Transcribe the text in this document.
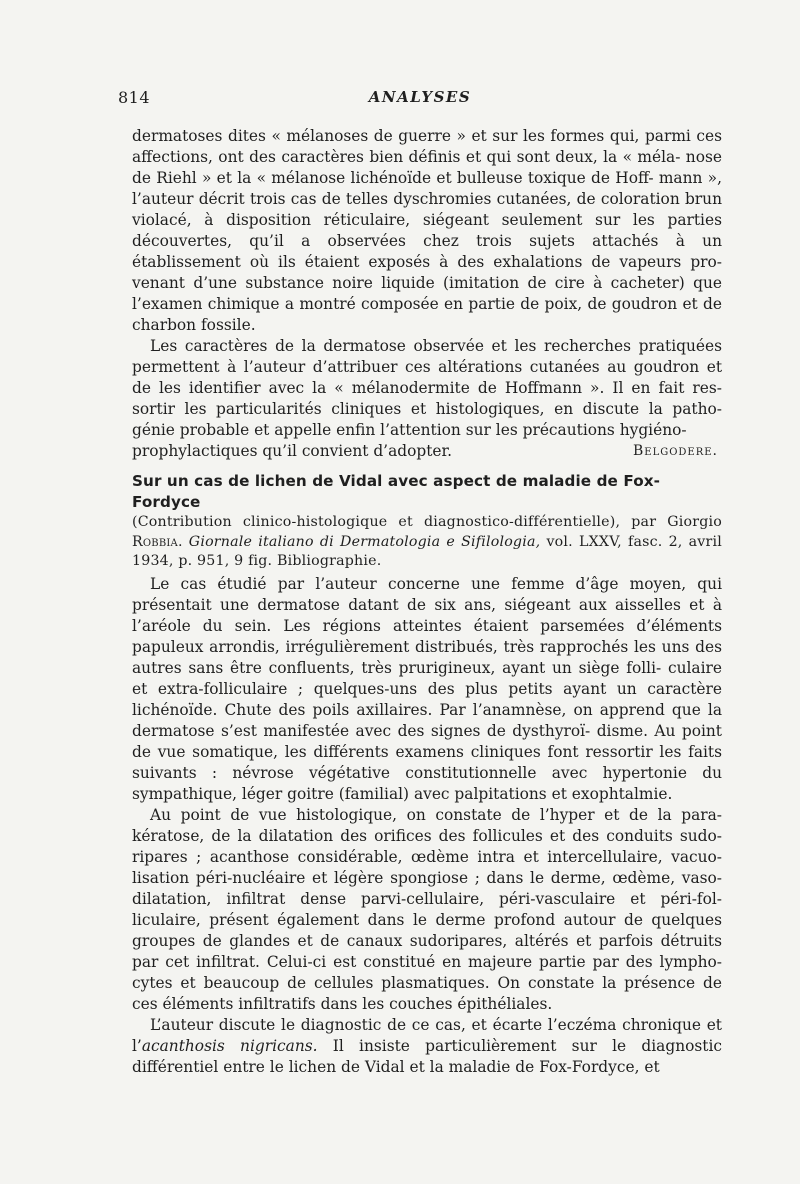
814	ANALYSES

dermatoses dites « mélanoses de guerre » et sur les formes qui, parmi ces affections, ont des caractères bien définis et qui sont deux, la « méla- nose de Riehl » et la « mélanose lichénoïde et bulleuse toxique de Hoff- mann », l’auteur décrit trois cas de telles dyschromies cutanées, de coloration brun violacé, à disposition réticulaire, siégeant seulement sur les parties découvertes, qu’il a observées chez trois sujets attachés à un établissement où ils étaient exposés à des exhalations de vapeurs pro- venant d’une substance noire liquide (imitation de cire à cacheter) que l’examen chimique a montré composée en partie de poix, de goudron et de charbon fossile.

Les caractères de la dermatose observée et les recherches pratiquées permettent à l’auteur d’attribuer ces altérations cutanées au goudron et de les identifier avec la « mélanodermite de Hoffmann ». Il en fait res- sortir les particularités cliniques et histologiques, en discute la patho- génie probable et appelle enfin l’attention sur les précautions hygiéno-

prophylactiques qu’il convient d’adopter.	Belgodere.
Sur un cas de lichen de Vidal avec aspect de maladie de Fox-Fordyce
(Contribution clinico-histologique et diagnostico-différentielle), par Giorgio Robbia. Giornale italiano di Dermatologia e Sifilologia, vol. LXXV, fasc. 2, avril 1934, p. 951, 9 fig. Bibliographie.

Le cas étudié par l’auteur concerne une femme d’âge moyen, qui présentait une dermatose datant de six ans, siégeant aux aisselles et à l’aréole du sein. Les régions atteintes étaient parsemées d’éléments papuleux arrondis, irrégulièrement distribués, très rapprochés les uns des autres sans être confluents, très prurigineux, ayant un siège folli- culaire et extra-folliculaire ; quelques-uns des plus petits ayant un caractère lichénoïde. Chute des poils axillaires. Par l’anamnèse, on apprend que la dermatose s’est manifestée avec des signes de dysthyroï- disme. Au point de vue somatique, les différents examens cliniques font ressortir les faits suivants : névrose végétative constitutionnelle avec hypertonie du sympathique, léger goitre (familial) avec palpitations et exophtalmie.

Au point de vue histologique, on constate de l’hyper et de la para- kératose, de la dilatation des orifices des follicules et des conduits sudo- ripares ; acanthose considérable, œdème intra et intercellulaire, vacuo- lisation péri-nucléaire et légère spongiose ; dans le derme, œdème, vaso-dilatation, infiltrat dense parvi-cellulaire, péri-vasculaire et péri-fol- liculaire, présent également dans le derme profond autour de quelques groupes de glandes et de canaux sudoripares, altérés et parfois détruits par cet infiltrat. Celui-ci est constitué en majeure partie par des lympho- cytes et beaucoup de cellules plasmatiques. On constate la présence de ces éléments infiltratifs dans les couches épithéliales.

L’auteur discute le diagnostic de ce cas, et écarte l’eczéma chronique et l’acanthosis nigricans. Il insiste particulièrement sur le diagnostic différentiel entre le lichen de Vidal et la maladie de Fox-Fordyce, et
